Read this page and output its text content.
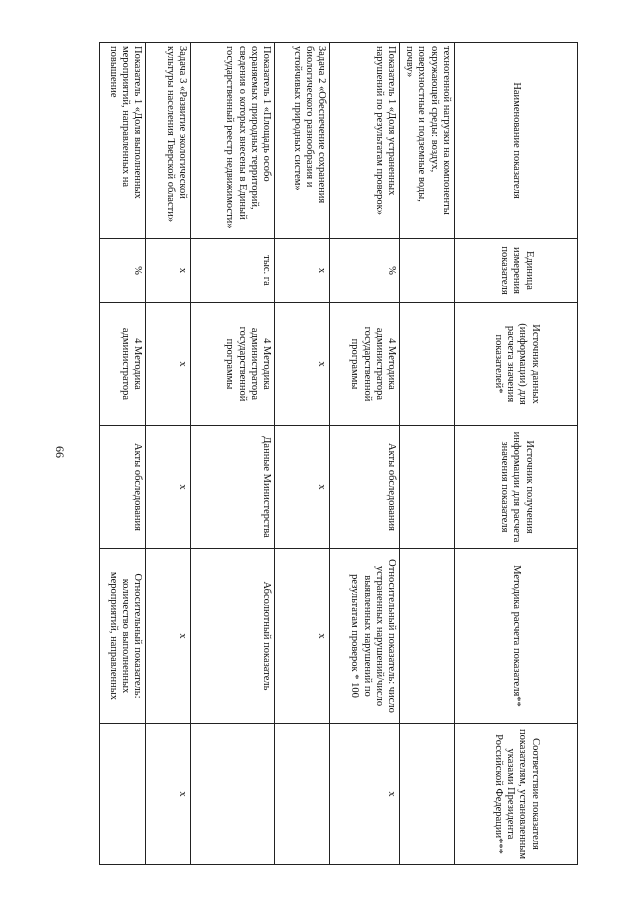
66
Наименование показателя	Единица измерения показателя	Источник данных (информации) для расчета значения показателей*	Источник получения информации для расчета значения показателя	Методика расчета показателя**	Соответствие показателя показателям, установленным указами Президента Российской Федерации***
техногенной нагрузки на компоненты окружающей среды: воздух, поверхностные и подземные воды, почву»					
Показатель 1 «Доля устраненных нарушений по результатам проверок»	%	4 Методика администратора государственной программы	Акты обследования	Относительный показатель: число устраненных нарушений/число выявленных нарушений по результатам проверок * 100	х
Задача 2 «Обеспечение сохранения биологического разнообразия и устойчивых природных систем»	х	х	х	х	
Показатель 1 «Площадь особо охраняемых природных территорий, сведения о которых внесены в Единый государственный реестр недвижимости»	тыс. га	4 Методика администратора государственной программы	Данные Министерства	Абсолютный показатель	
Задача 3 «Развитие экологической культуры населения Тверской области»	х	х	х	х	х
Показатель 1 «Доля выполненных мероприятий, направленных на повышение	%	4 Методика администратора	Акты обследования	Относительный показатель: количество выполненных мероприятий, направленных	
